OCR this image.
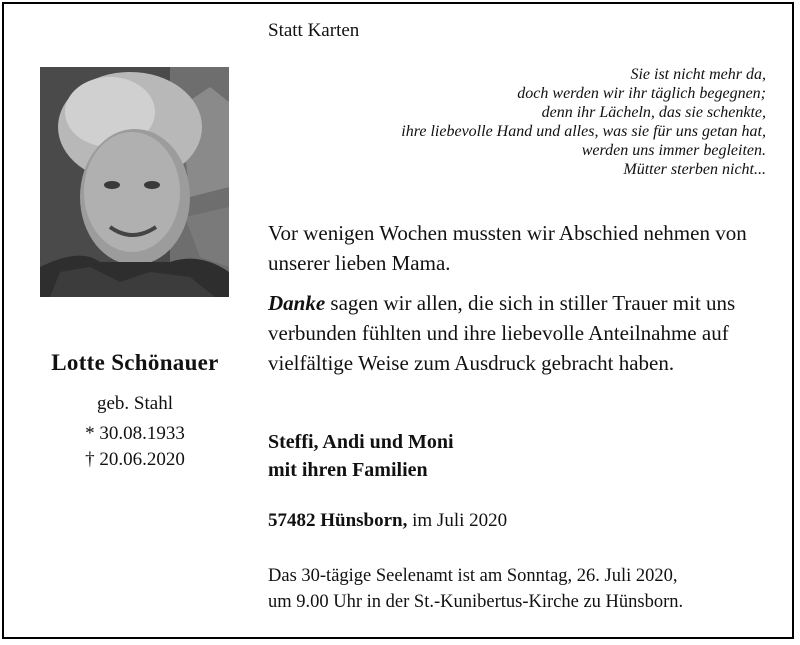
Statt Karten
Sie ist nicht mehr da,
doch werden wir ihr täglich begegnen;
denn ihr Lächeln, das sie schenkte,
ihre liebevolle Hand und alles, was sie für uns getan hat,
werden uns immer begleiten.
Mütter sterben nicht...
Lotte Schönauer
geb. Stahl
* 30.08.1933
† 20.06.2020
Vor wenigen Wochen mussten wir Abschied nehmen von unserer lieben Mama.
Danke sagen wir allen, die sich in stiller Trauer mit uns verbunden fühlten und ihre liebevolle Anteilnahme auf vielfältige Weise zum Ausdruck gebracht haben.
Steffi, Andi und Moni
mit ihren Familien
57482 Hünsborn, im Juli 2020
Das 30-tägige Seelenamt ist am Sonntag, 26. Juli 2020,
um 9.00 Uhr in der St.-Kunibertus-Kirche zu Hünsborn.
